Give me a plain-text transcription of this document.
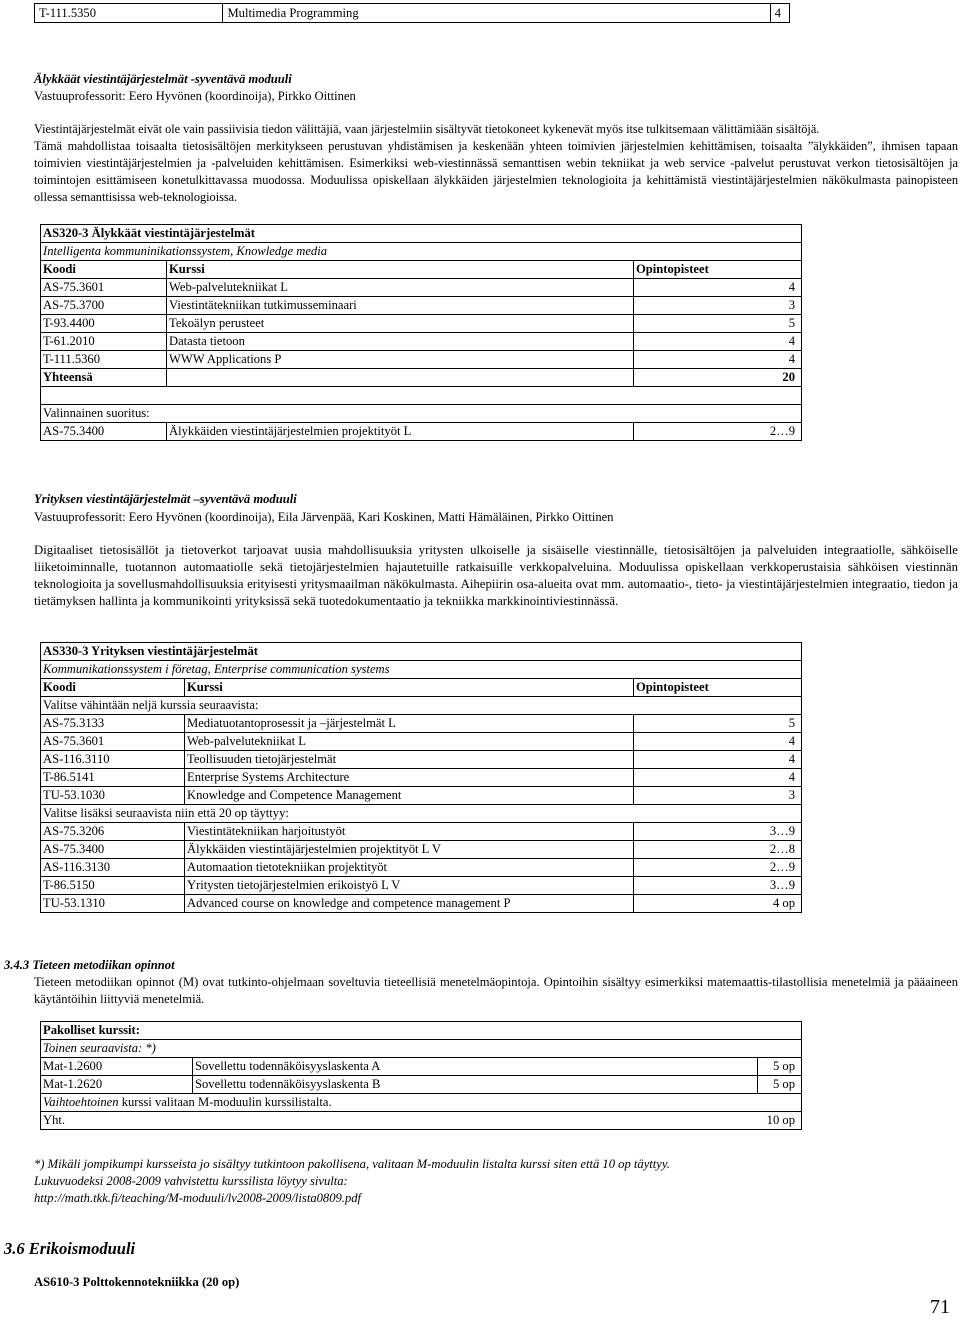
T-111.5350	Multimedia Programming	4

Älykkäät viestintäjärjestelmät -syventävä moduuli

Vastuuprofessorit: Eero Hyvönen (koordinoija), Pirkko Oittinen

Viestintäjärjestelmät eivät ole vain passiivisia tiedon välittäjiä, vaan järjestelmiin sisältyvät tietokoneet kykenevät myös itse tulkitsemaan välittämiään sisältöjä.

Tämä mahdollistaa toisaalta tietosisältöjen merkitykseen perustuvan yhdistämisen ja keskenään yhteen toimivien järjestelmien kehittämisen, toisaalta ”älykkäiden”, ihmisen tapaan toimivien viestintäjärjestelmien ja -palveluiden kehittämisen. Esimerkiksi web-viestinnässä semanttisen webin tekniikat ja web service -palvelut perustuvat verkon tietosisältöjen ja toimintojen esittämiseen konetulkittavassa muodossa. Moduulissa opiskellaan älykkäiden järjestelmien teknologioita ja kehittämistä viestintäjärjestelmien näkökulmasta painopisteen ollessa semanttisissa web-teknologioissa.

AS320-3 Älykkäät viestintäjärjestelmät		
Intelligenta kommuninikationssystem, Knowledge media		
Koodi	Kurssi	Opintopisteet
AS-75.3601	Web-palvelutekniikat L	4
AS-75.3700	Viestintätekniikan tutkimusseminaari	3
T-93.4400	Tekoälyn perusteet	5
T-61.2010	Datasta tietoon	4
T-111.5360	WWW Applications P	4
Yhteensä		20

Valinnainen suoritus:		
AS-75.3400	Älykkäiden viestintäjärjestelmien projektityöt L	2…9

Yrityksen viestintäjärjestelmät –syventävä moduuli

Vastuuprofessorit: Eero Hyvönen (koordinoija), Eila Järvenpää, Kari Koskinen, Matti Hämäläinen, Pirkko Oittinen

Digitaaliset tietosisällöt ja tietoverkot tarjoavat uusia mahdollisuuksia yritysten ulkoiselle ja sisäiselle viestinnälle, tietosisältöjen ja palveluiden integraatiolle, sähköiselle liiketoiminnalle, tuotannon automaatiolle sekä tietojärjestelmien hajautetuille ratkaisuille verkkopalveluina. Moduulissa opiskellaan verkkoperustaisia sähköisen viestinnän teknologioita ja sovellusmahdollisuuksia erityisesti yritysmaailman näkökulmasta. Aihepiirin osa-alueita ovat mm. automaatio-, tieto- ja viestintäjärjestelmien integraatio, tiedon ja tietämyksen hallinta ja kommunikointi yrityksissä sekä tuotedokumentaatio ja tekniikka markkinointiviestinnässä.

AS330-3 Yrityksen viestintäjärjestelmät		
Kommunikationssystem i företag, Enterprise communication systems		
Koodi	Kurssi	Opintopisteet
Valitse vähintään neljä kurssia seuraavista:		
AS-75.3133	Mediatuotantoprosessit ja –järjestelmät L	5
AS-75.3601	Web-palvelutekniikat L	4
AS-116.3110	Teollisuuden tietojärjestelmät	4
T-86.5141	Enterprise Systems Architecture	4
TU-53.1030	Knowledge and Competence Management	3
Valitse lisäksi seuraavista niin että 20 op täyttyy:		
AS-75.3206	Viestintätekniikan harjoitustyöt	3…9
AS-75.3400	Älykkäiden viestintäjärjestelmien projektityöt L V	2…8
AS-116.3130	Automaation tietotekniikan projektityöt	2…9
T-86.5150	Yritysten tietojärjestelmien erikoistyö L V	3…9
TU-53.1310	Advanced course on knowledge and competence management P	4 op

3.4.3 Tieteen metodiikan opinnot

Tieteen metodiikan opinnot (M) ovat tutkinto-ohjelmaan soveltuvia tieteellisiä menetelmäopintoja. Opintoihin sisältyy esimerkiksi matemaattis-tilastollisia menetelmiä ja pääaineen käytäntöihin liittyviä menetelmiä.

Pakolliset kurssit:		
Toinen seuraavista: *)		
Mat-1.2600	Sovellettu todennäköisyyslaskenta A	5 op
Mat-1.2620	Sovellettu todennäköisyyslaskenta B	5 op
Vaihtoehtoinen kurssi valitaan M-moduulin kurssilistalta.		
Yht.		10 op

*) Mikäli jompikumpi kursseista jo sisältyy tutkintoon pakollisena, valitaan M-moduulin listalta kurssi siten että 10 op täyttyy.

Lukuvuodeksi 2008-2009 vahvistettu kurssilista löytyy sivulta:

http://math.tkk.fi/teaching/M-moduuli/lv2008-2009/lista0809.pdf

3.6 Erikoismoduuli

AS610-3 Polttokennotekniikka (20 op)

71
